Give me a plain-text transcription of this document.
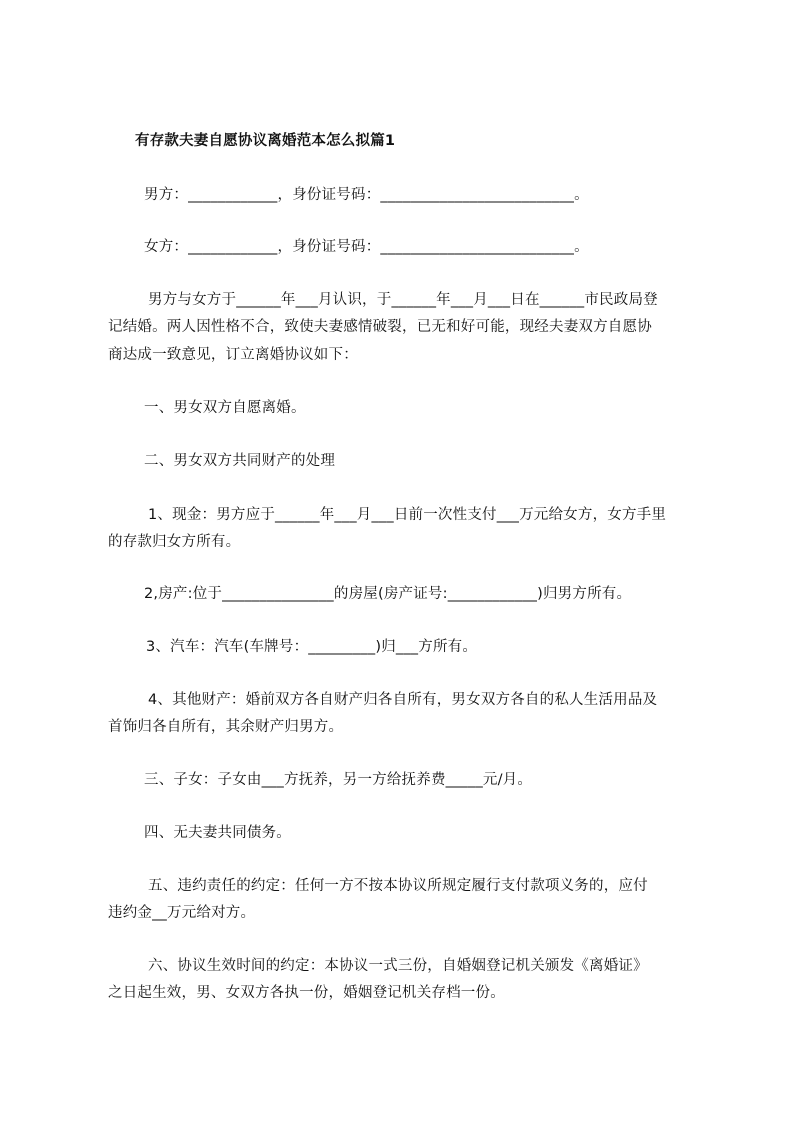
有存款夫妻自愿协议离婚范本怎么拟篇1
男方：____________，身份证号码：__________________________。
女方：____________，身份证号码：__________________________。
男方与女方于______年___月认识，于______年___月___日在______市民政局登
记结婚。两人因性格不合，致使夫妻感情破裂，已无和好可能，现经夫妻双方自愿协
商达成一致意见，订立离婚协议如下：
一、男女双方自愿离婚。
二、男女双方共同财产的处理
1、现金：男方应于______年___月___日前一次性支付___万元给女方，女方手里
的存款归女方所有。
2,房产:位于_______________的房屋(房产证号:____________)归男方所有。
3、汽车：汽车(车牌号：_________)归___方所有。
4、其他财产：婚前双方各自财产归各自所有，男女双方各自的私人生活用品及
首饰归各自所有，其余财产归男方。
三、子女：子女由___方抚养，另一方给抚养费_____元/月。
四、无夫妻共同债务。
五、违约责任的约定：任何一方不按本协议所规定履行支付款项义务的，应付
违约金__万元给对方。
六、协议生效时间的约定：本协议一式三份，自婚姻登记机关颁发《离婚证》
之日起生效，男、女双方各执一份，婚姻登记机关存档一份。
